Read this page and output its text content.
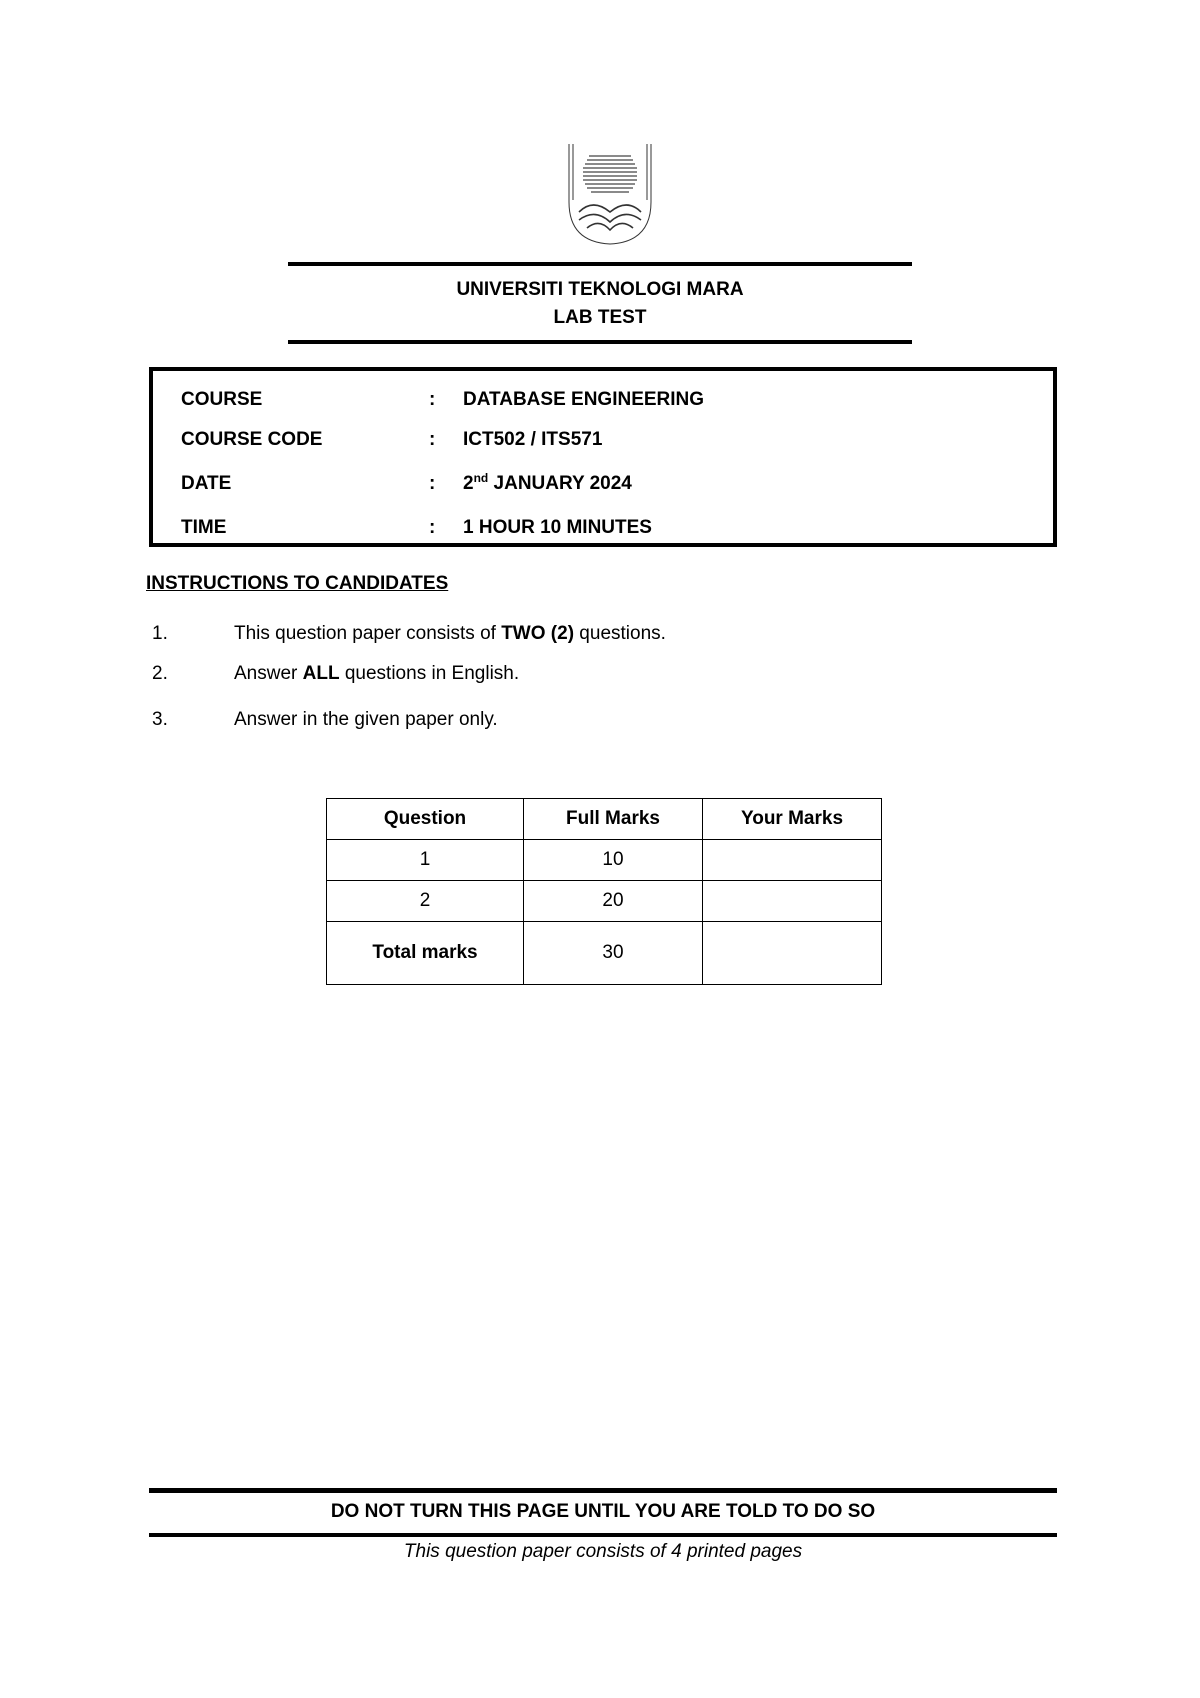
UNIVERSITI TEKNOLOGI MARA
LAB TEST
COURSE	: DATABASE ENGINEERING
COURSE CODE	: ICT502 / ITS571
DATE	: 2nd JANUARY 2024
TIME	: 1 HOUR 10 MINUTES
INSTRUCTIONS TO CANDIDATES
1.	This question paper consists of TWO (2) questions.
2.	Answer ALL questions in English.
3.	Answer in the given paper only.
Question	Full Marks	Your Marks
1	10	
2	20	
Total marks	30	
DO NOT TURN THIS PAGE UNTIL YOU ARE TOLD TO DO SO
This question paper consists of 4 printed pages
